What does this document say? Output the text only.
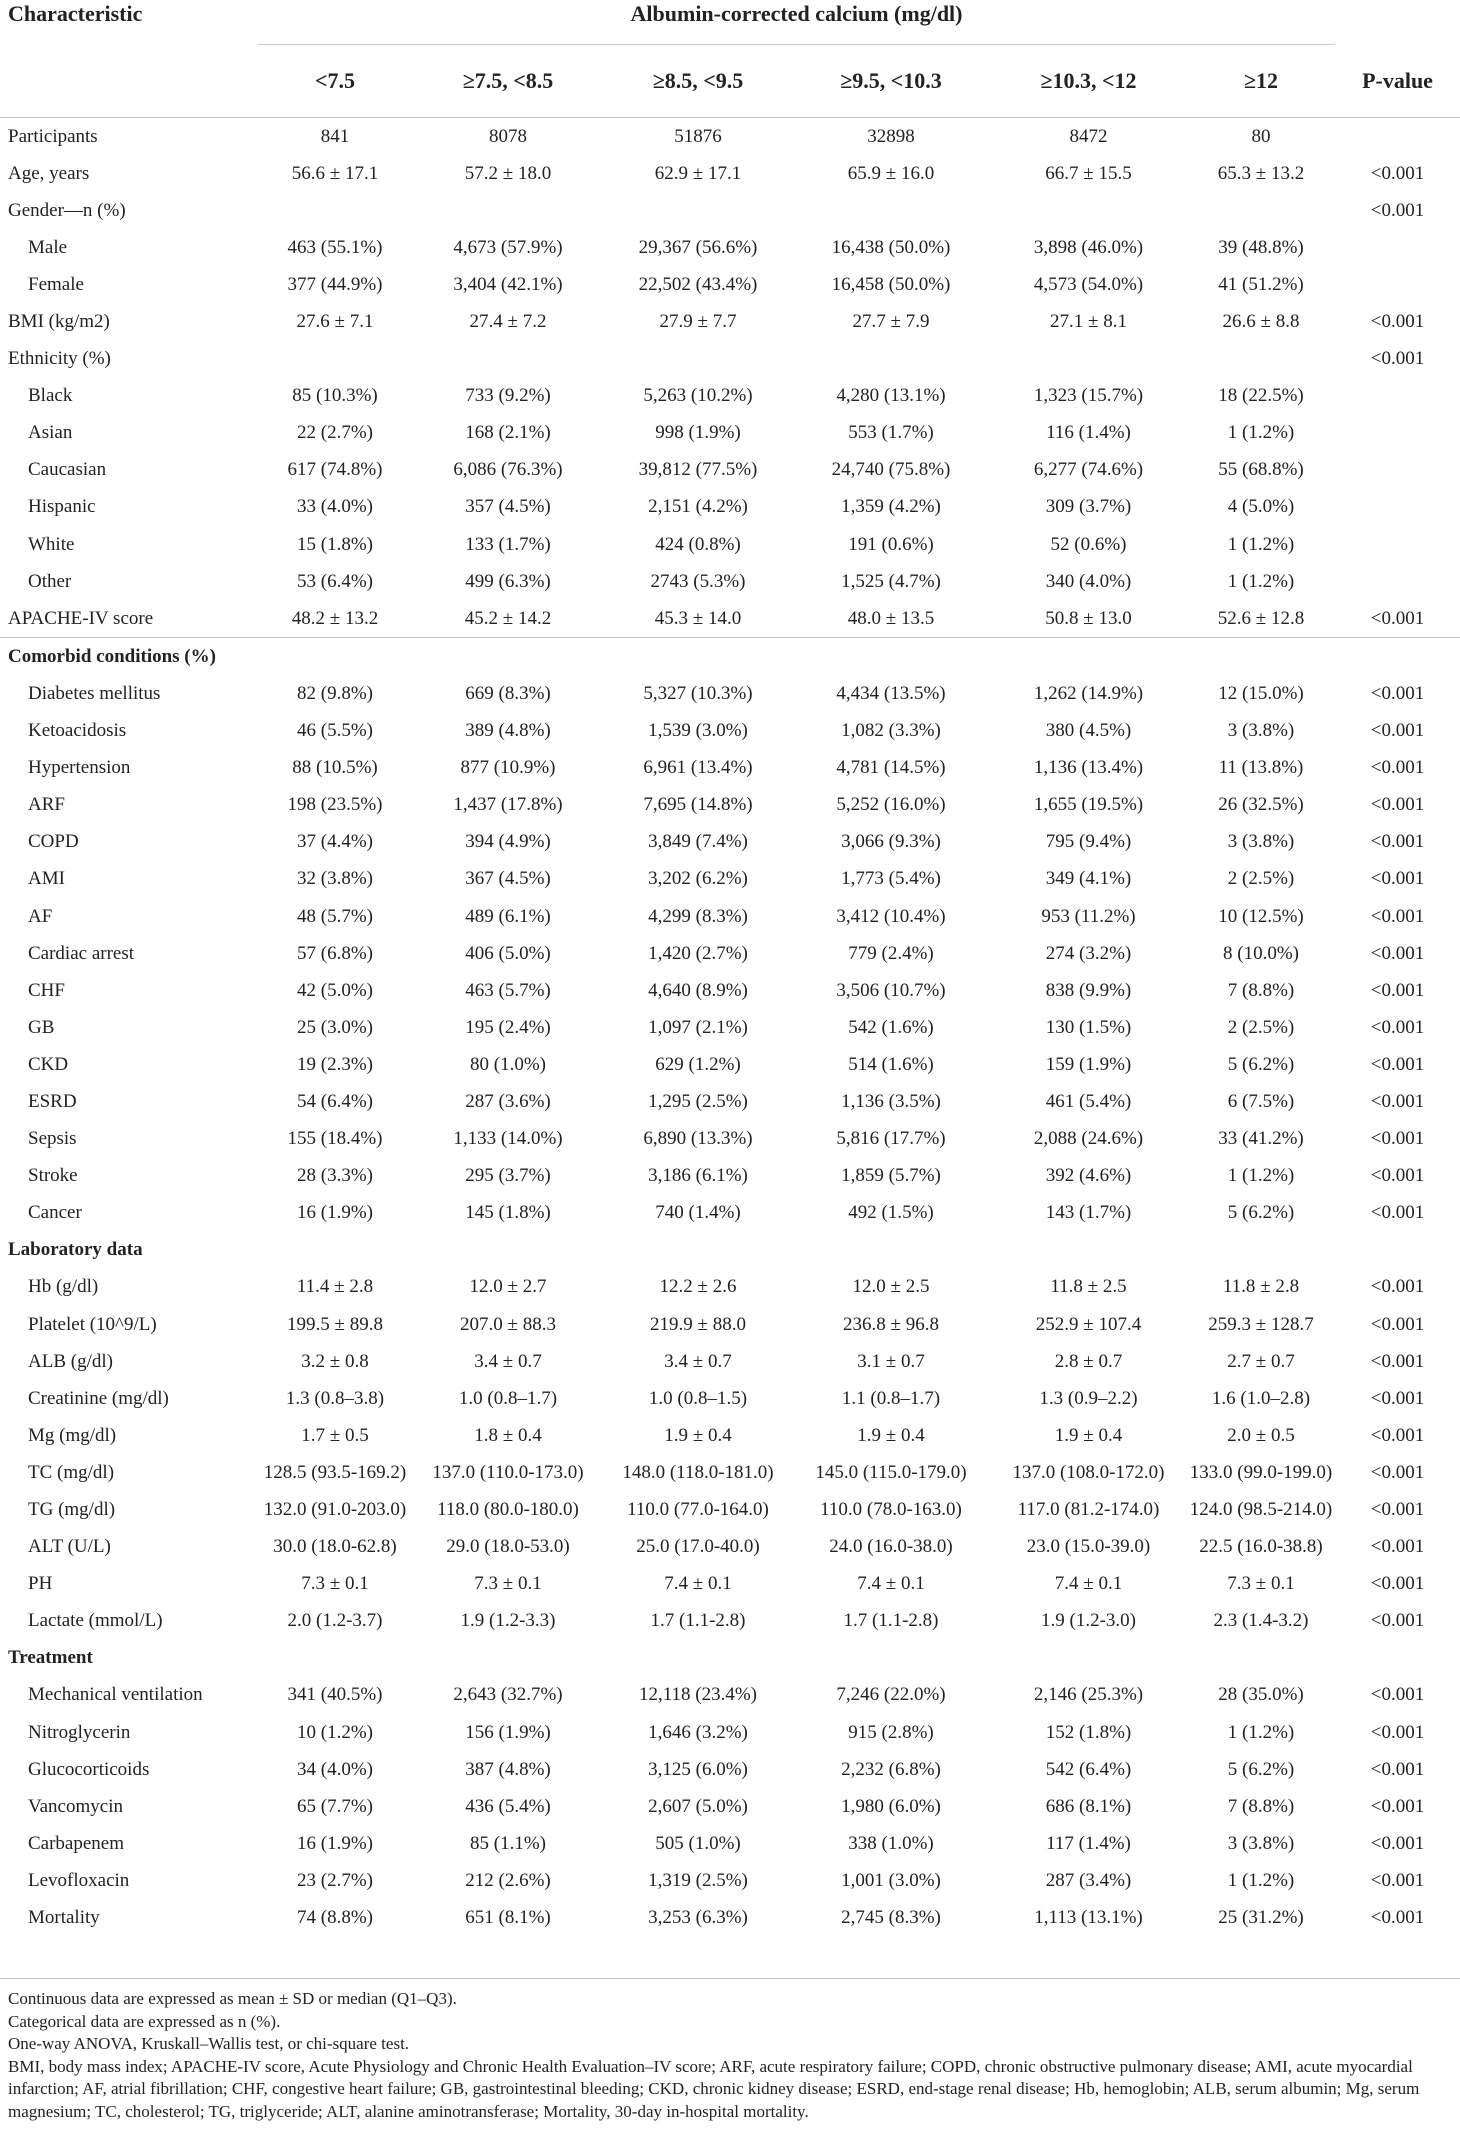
Characteristic	Albumin-corrected calcium (mg/dl)						
	<7.5	≥7.5, <8.5	≥8.5, <9.5	≥9.5, <10.3	≥10.3, <12	≥12	P-value
Participants	841	8078	51876	32898	8472	80	
Age, years	56.6 ± 17.1	57.2 ± 18.0	62.9 ± 17.1	65.9 ± 16.0	66.7 ± 15.5	65.3 ± 13.2	<0.001
Gender—n (%)							<0.001
Male	463 (55.1%)	4,673 (57.9%)	29,367 (56.6%)	16,438 (50.0%)	3,898 (46.0%)	39 (48.8%)	
Female	377 (44.9%)	3,404 (42.1%)	22,502 (43.4%)	16,458 (50.0%)	4,573 (54.0%)	41 (51.2%)	
BMI (kg/m2)	27.6 ± 7.1	27.4 ± 7.2	27.9 ± 7.7	27.7 ± 7.9	27.1 ± 8.1	26.6 ± 8.8	<0.001
Ethnicity (%)							<0.001
Black	85 (10.3%)	733 (9.2%)	5,263 (10.2%)	4,280 (13.1%)	1,323 (15.7%)	18 (22.5%)	
Asian	22 (2.7%)	168 (2.1%)	998 (1.9%)	553 (1.7%)	116 (1.4%)	1 (1.2%)	
Caucasian	617 (74.8%)	6,086 (76.3%)	39,812 (77.5%)	24,740 (75.8%)	6,277 (74.6%)	55 (68.8%)	
Hispanic	33 (4.0%)	357 (4.5%)	2,151 (4.2%)	1,359 (4.2%)	309 (3.7%)	4 (5.0%)	
White	15 (1.8%)	133 (1.7%)	424 (0.8%)	191 (0.6%)	52 (0.6%)	1 (1.2%)	
Other	53 (6.4%)	499 (6.3%)	2743 (5.3%)	1,525 (4.7%)	340 (4.0%)	1 (1.2%)	
APACHE-IV score	48.2 ± 13.2	45.2 ± 14.2	45.3 ± 14.0	48.0 ± 13.5	50.8 ± 13.0	52.6 ± 12.8	<0.001
Comorbid conditions (%)							
Diabetes mellitus	82 (9.8%)	669 (8.3%)	5,327 (10.3%)	4,434 (13.5%)	1,262 (14.9%)	12 (15.0%)	<0.001
Ketoacidosis	46 (5.5%)	389 (4.8%)	1,539 (3.0%)	1,082 (3.3%)	380 (4.5%)	3 (3.8%)	<0.001
Hypertension	88 (10.5%)	877 (10.9%)	6,961 (13.4%)	4,781 (14.5%)	1,136 (13.4%)	11 (13.8%)	<0.001
ARF	198 (23.5%)	1,437 (17.8%)	7,695 (14.8%)	5,252 (16.0%)	1,655 (19.5%)	26 (32.5%)	<0.001
COPD	37 (4.4%)	394 (4.9%)	3,849 (7.4%)	3,066 (9.3%)	795 (9.4%)	3 (3.8%)	<0.001
AMI	32 (3.8%)	367 (4.5%)	3,202 (6.2%)	1,773 (5.4%)	349 (4.1%)	2 (2.5%)	<0.001
AF	48 (5.7%)	489 (6.1%)	4,299 (8.3%)	3,412 (10.4%)	953 (11.2%)	10 (12.5%)	<0.001
Cardiac arrest	57 (6.8%)	406 (5.0%)	1,420 (2.7%)	779 (2.4%)	274 (3.2%)	8 (10.0%)	<0.001
CHF	42 (5.0%)	463 (5.7%)	4,640 (8.9%)	3,506 (10.7%)	838 (9.9%)	7 (8.8%)	<0.001
GB	25 (3.0%)	195 (2.4%)	1,097 (2.1%)	542 (1.6%)	130 (1.5%)	2 (2.5%)	<0.001
CKD	19 (2.3%)	80 (1.0%)	629 (1.2%)	514 (1.6%)	159 (1.9%)	5 (6.2%)	<0.001
ESRD	54 (6.4%)	287 (3.6%)	1,295 (2.5%)	1,136 (3.5%)	461 (5.4%)	6 (7.5%)	<0.001
Sepsis	155 (18.4%)	1,133 (14.0%)	6,890 (13.3%)	5,816 (17.7%)	2,088 (24.6%)	33 (41.2%)	<0.001
Stroke	28 (3.3%)	295 (3.7%)	3,186 (6.1%)	1,859 (5.7%)	392 (4.6%)	1 (1.2%)	<0.001
Cancer	16 (1.9%)	145 (1.8%)	740 (1.4%)	492 (1.5%)	143 (1.7%)	5 (6.2%)	<0.001
Laboratory data							
Hb (g/dl)	11.4 ± 2.8	12.0 ± 2.7	12.2 ± 2.6	12.0 ± 2.5	11.8 ± 2.5	11.8 ± 2.8	<0.001
Platelet (10^9/L)	199.5 ± 89.8	207.0 ± 88.3	219.9 ± 88.0	236.8 ± 96.8	252.9 ± 107.4	259.3 ± 128.7	<0.001
ALB (g/dl)	3.2 ± 0.8	3.4 ± 0.7	3.4 ± 0.7	3.1 ± 0.7	2.8 ± 0.7	2.7 ± 0.7	<0.001
Creatinine (mg/dl)	1.3 (0.8–3.8)	1.0 (0.8–1.7)	1.0 (0.8–1.5)	1.1 (0.8–1.7)	1.3 (0.9–2.2)	1.6 (1.0–2.8)	<0.001
Mg (mg/dl)	1.7 ± 0.5	1.8 ± 0.4	1.9 ± 0.4	1.9 ± 0.4	1.9 ± 0.4	2.0 ± 0.5	<0.001
TC (mg/dl)	128.5 (93.5-169.2)	137.0 (110.0-173.0)	148.0 (118.0-181.0)	145.0 (115.0-179.0)	137.0 (108.0-172.0)	133.0 (99.0-199.0)	<0.001
TG (mg/dl)	132.0 (91.0-203.0)	118.0 (80.0-180.0)	110.0 (77.0-164.0)	110.0 (78.0-163.0)	117.0 (81.2-174.0)	124.0 (98.5-214.0)	<0.001
ALT (U/L)	30.0 (18.0-62.8)	29.0 (18.0-53.0)	25.0 (17.0-40.0)	24.0 (16.0-38.0)	23.0 (15.0-39.0)	22.5 (16.0-38.8)	<0.001
PH	7.3 ± 0.1	7.3 ± 0.1	7.4 ± 0.1	7.4 ± 0.1	7.4 ± 0.1	7.3 ± 0.1	<0.001
Lactate (mmol/L)	2.0 (1.2-3.7)	1.9 (1.2-3.3)	1.7 (1.1-2.8)	1.7 (1.1-2.8)	1.9 (1.2-3.0)	2.3 (1.4-3.2)	<0.001
Treatment							
Mechanical ventilation	341 (40.5%)	2,643 (32.7%)	12,118 (23.4%)	7,246 (22.0%)	2,146 (25.3%)	28 (35.0%)	<0.001
Nitroglycerin	10 (1.2%)	156 (1.9%)	1,646 (3.2%)	915 (2.8%)	152 (1.8%)	1 (1.2%)	<0.001
Glucocorticoids	34 (4.0%)	387 (4.8%)	3,125 (6.0%)	2,232 (6.8%)	542 (6.4%)	5 (6.2%)	<0.001
Vancomycin	65 (7.7%)	436 (5.4%)	2,607 (5.0%)	1,980 (6.0%)	686 (8.1%)	7 (8.8%)	<0.001
Carbapenem	16 (1.9%)	85 (1.1%)	505 (1.0%)	338 (1.0%)	117 (1.4%)	3 (3.8%)	<0.001
Levofloxacin	23 (2.7%)	212 (2.6%)	1,319 (2.5%)	1,001 (3.0%)	287 (3.4%)	1 (1.2%)	<0.001
Mortality	74 (8.8%)	651 (8.1%)	3,253 (6.3%)	2,745 (8.3%)	1,113 (13.1%)	25 (31.2%)	<0.001
Continuous data are expressed as mean ± SD or median (Q1–Q3).
Categorical data are expressed as n (%).
One-way ANOVA, Kruskall–Wallis test, or chi-square test.
BMI, body mass index; APACHE-IV score, Acute Physiology and Chronic Health Evaluation–IV score; ARF, acute respiratory failure; COPD, chronic obstructive pulmonary disease; AMI, acute myocardial infarction; AF, atrial fibrillation; CHF, congestive heart failure; GB, gastrointestinal bleeding; CKD, chronic kidney disease; ESRD, end-stage renal disease; Hb, hemoglobin; ALB, serum albumin; Mg, serum magnesium; TC, cholesterol; TG, triglyceride; ALT, alanine aminotransferase; Mortality, 30-day in-hospital mortality.
